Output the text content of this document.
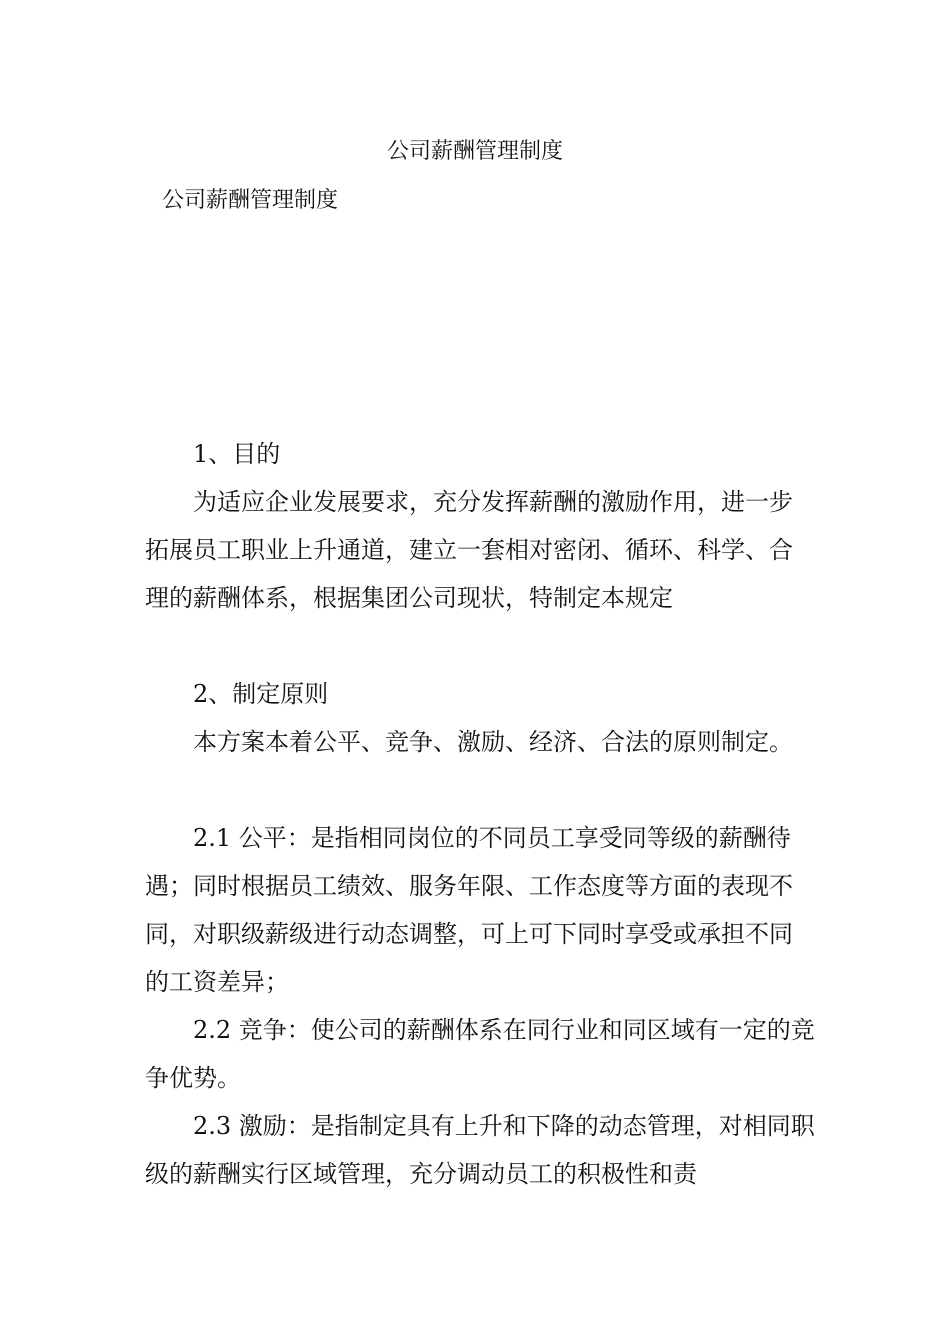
公司薪酬管理制度
公司薪酬管理制度

1、目的

为适应企业发展要求，充分发挥薪酬的激励作用，进一步拓展员工职业上升通道，建立一套相对密闭、循环、科学、合理的薪酬体系，根据集团公司现状，特制定本规定

2、制定原则

本方案本着公平、竞争、激励、经济、合法的原则制定。

2.1 公平：是指相同岗位的不同员工享受同等级的薪酬待遇；同时根据员工绩效、服务年限、工作态度等方面的表现不同，对职级薪级进行动态调整，可上可下同时享受或承担不同的工资差异；

2.2 竞争：使公司的薪酬体系在同行业和同区域有一定的竞争优势。

2.3 激励：是指制定具有上升和下降的动态管理，对相同职级的薪酬实行区域管理，充分调动员工的积极性和责
